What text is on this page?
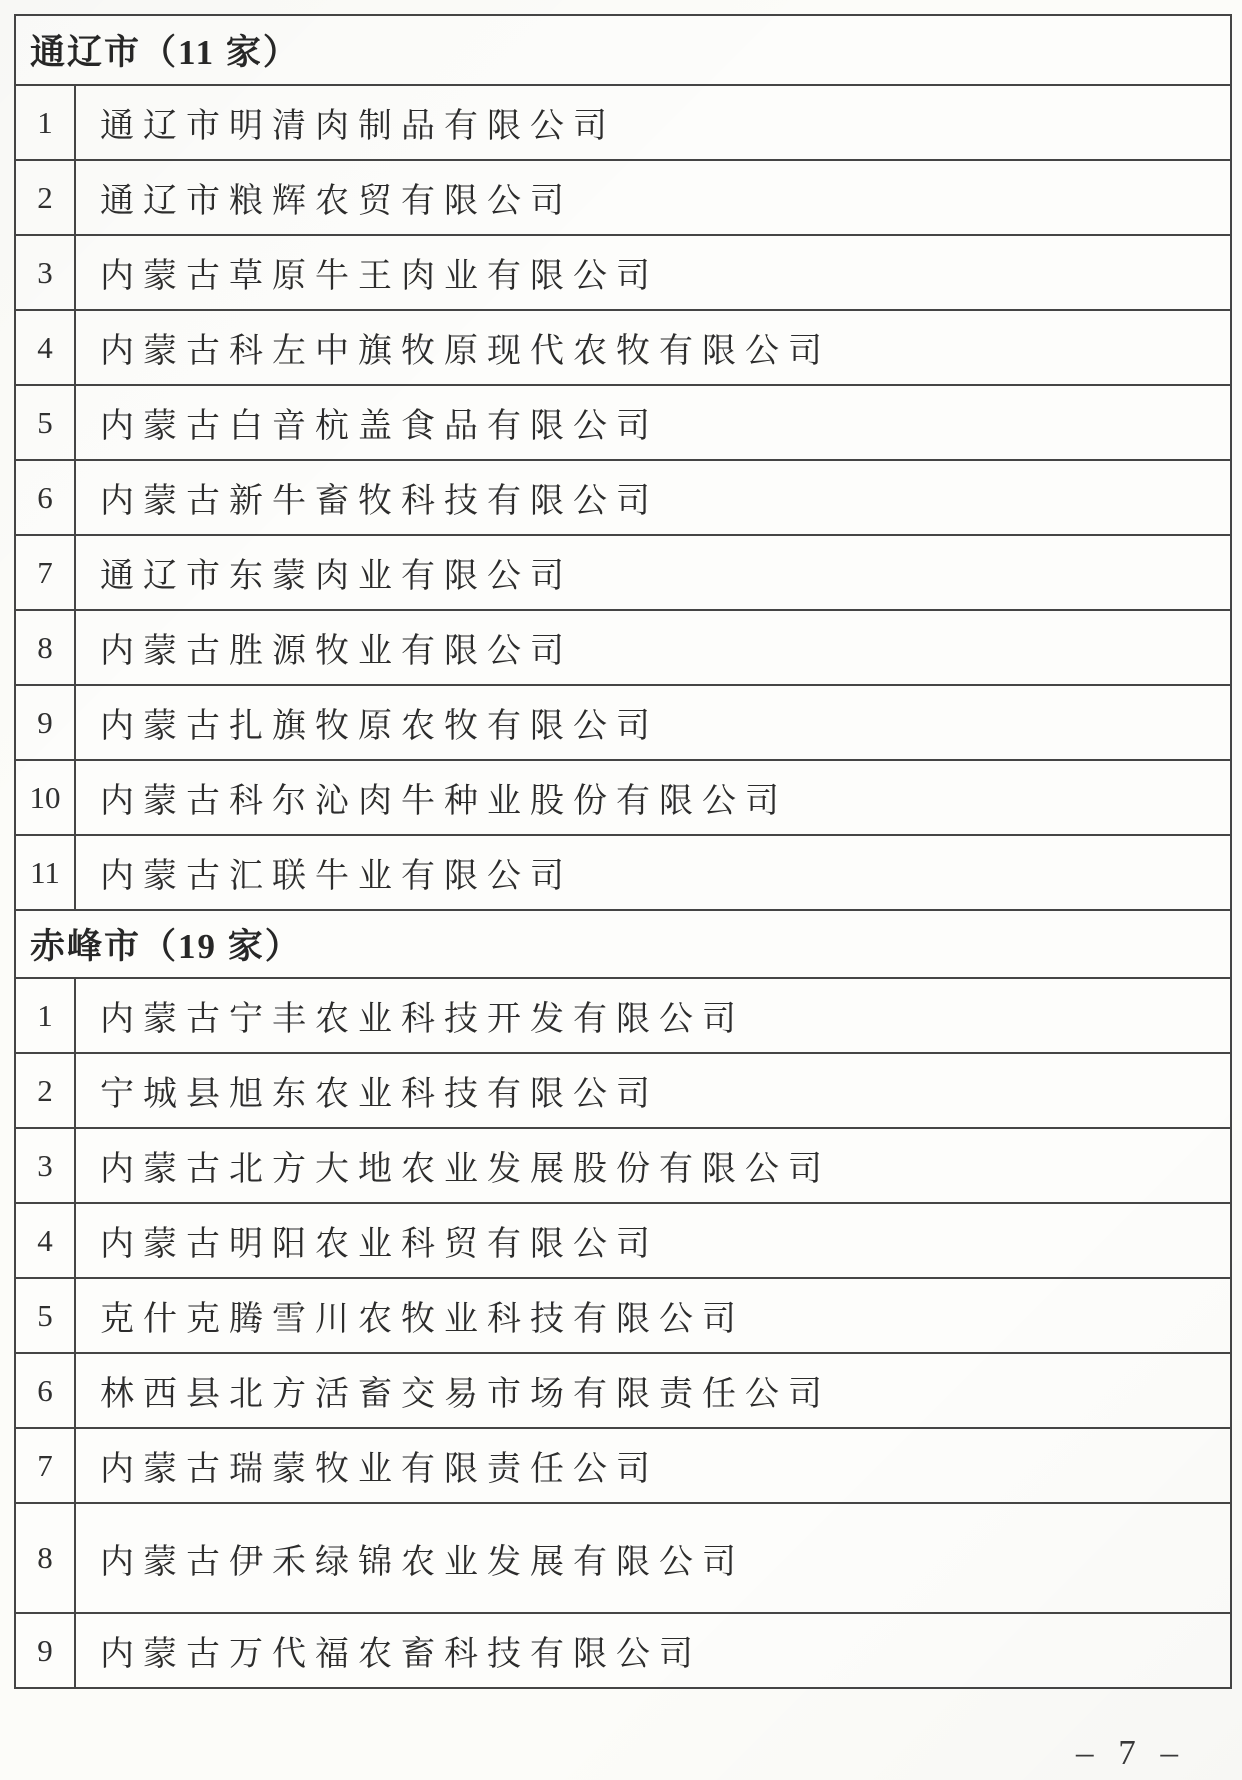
通辽市（11 家）
1	通辽市明清肉制品有限公司
2	通辽市粮辉农贸有限公司
3	内蒙古草原牛王肉业有限公司
4	内蒙古科左中旗牧原现代农牧有限公司
5	内蒙古白音杭盖食品有限公司
6	内蒙古新牛畜牧科技有限公司
7	通辽市东蒙肉业有限公司
8	内蒙古胜源牧业有限公司
9	内蒙古扎旗牧原农牧有限公司
10	内蒙古科尔沁肉牛种业股份有限公司
11	内蒙古汇联牛业有限公司
赤峰市（19 家）
1	内蒙古宁丰农业科技开发有限公司
2	宁城县旭东农业科技有限公司
3	内蒙古北方大地农业发展股份有限公司
4	内蒙古明阳农业科贸有限公司
5	克什克腾雪川农牧业科技有限公司
6	林西县北方活畜交易市场有限责任公司
7	内蒙古瑞蒙牧业有限责任公司
8	内蒙古伊禾绿锦农业发展有限公司
9	内蒙古万代福农畜科技有限公司
– 7 –
